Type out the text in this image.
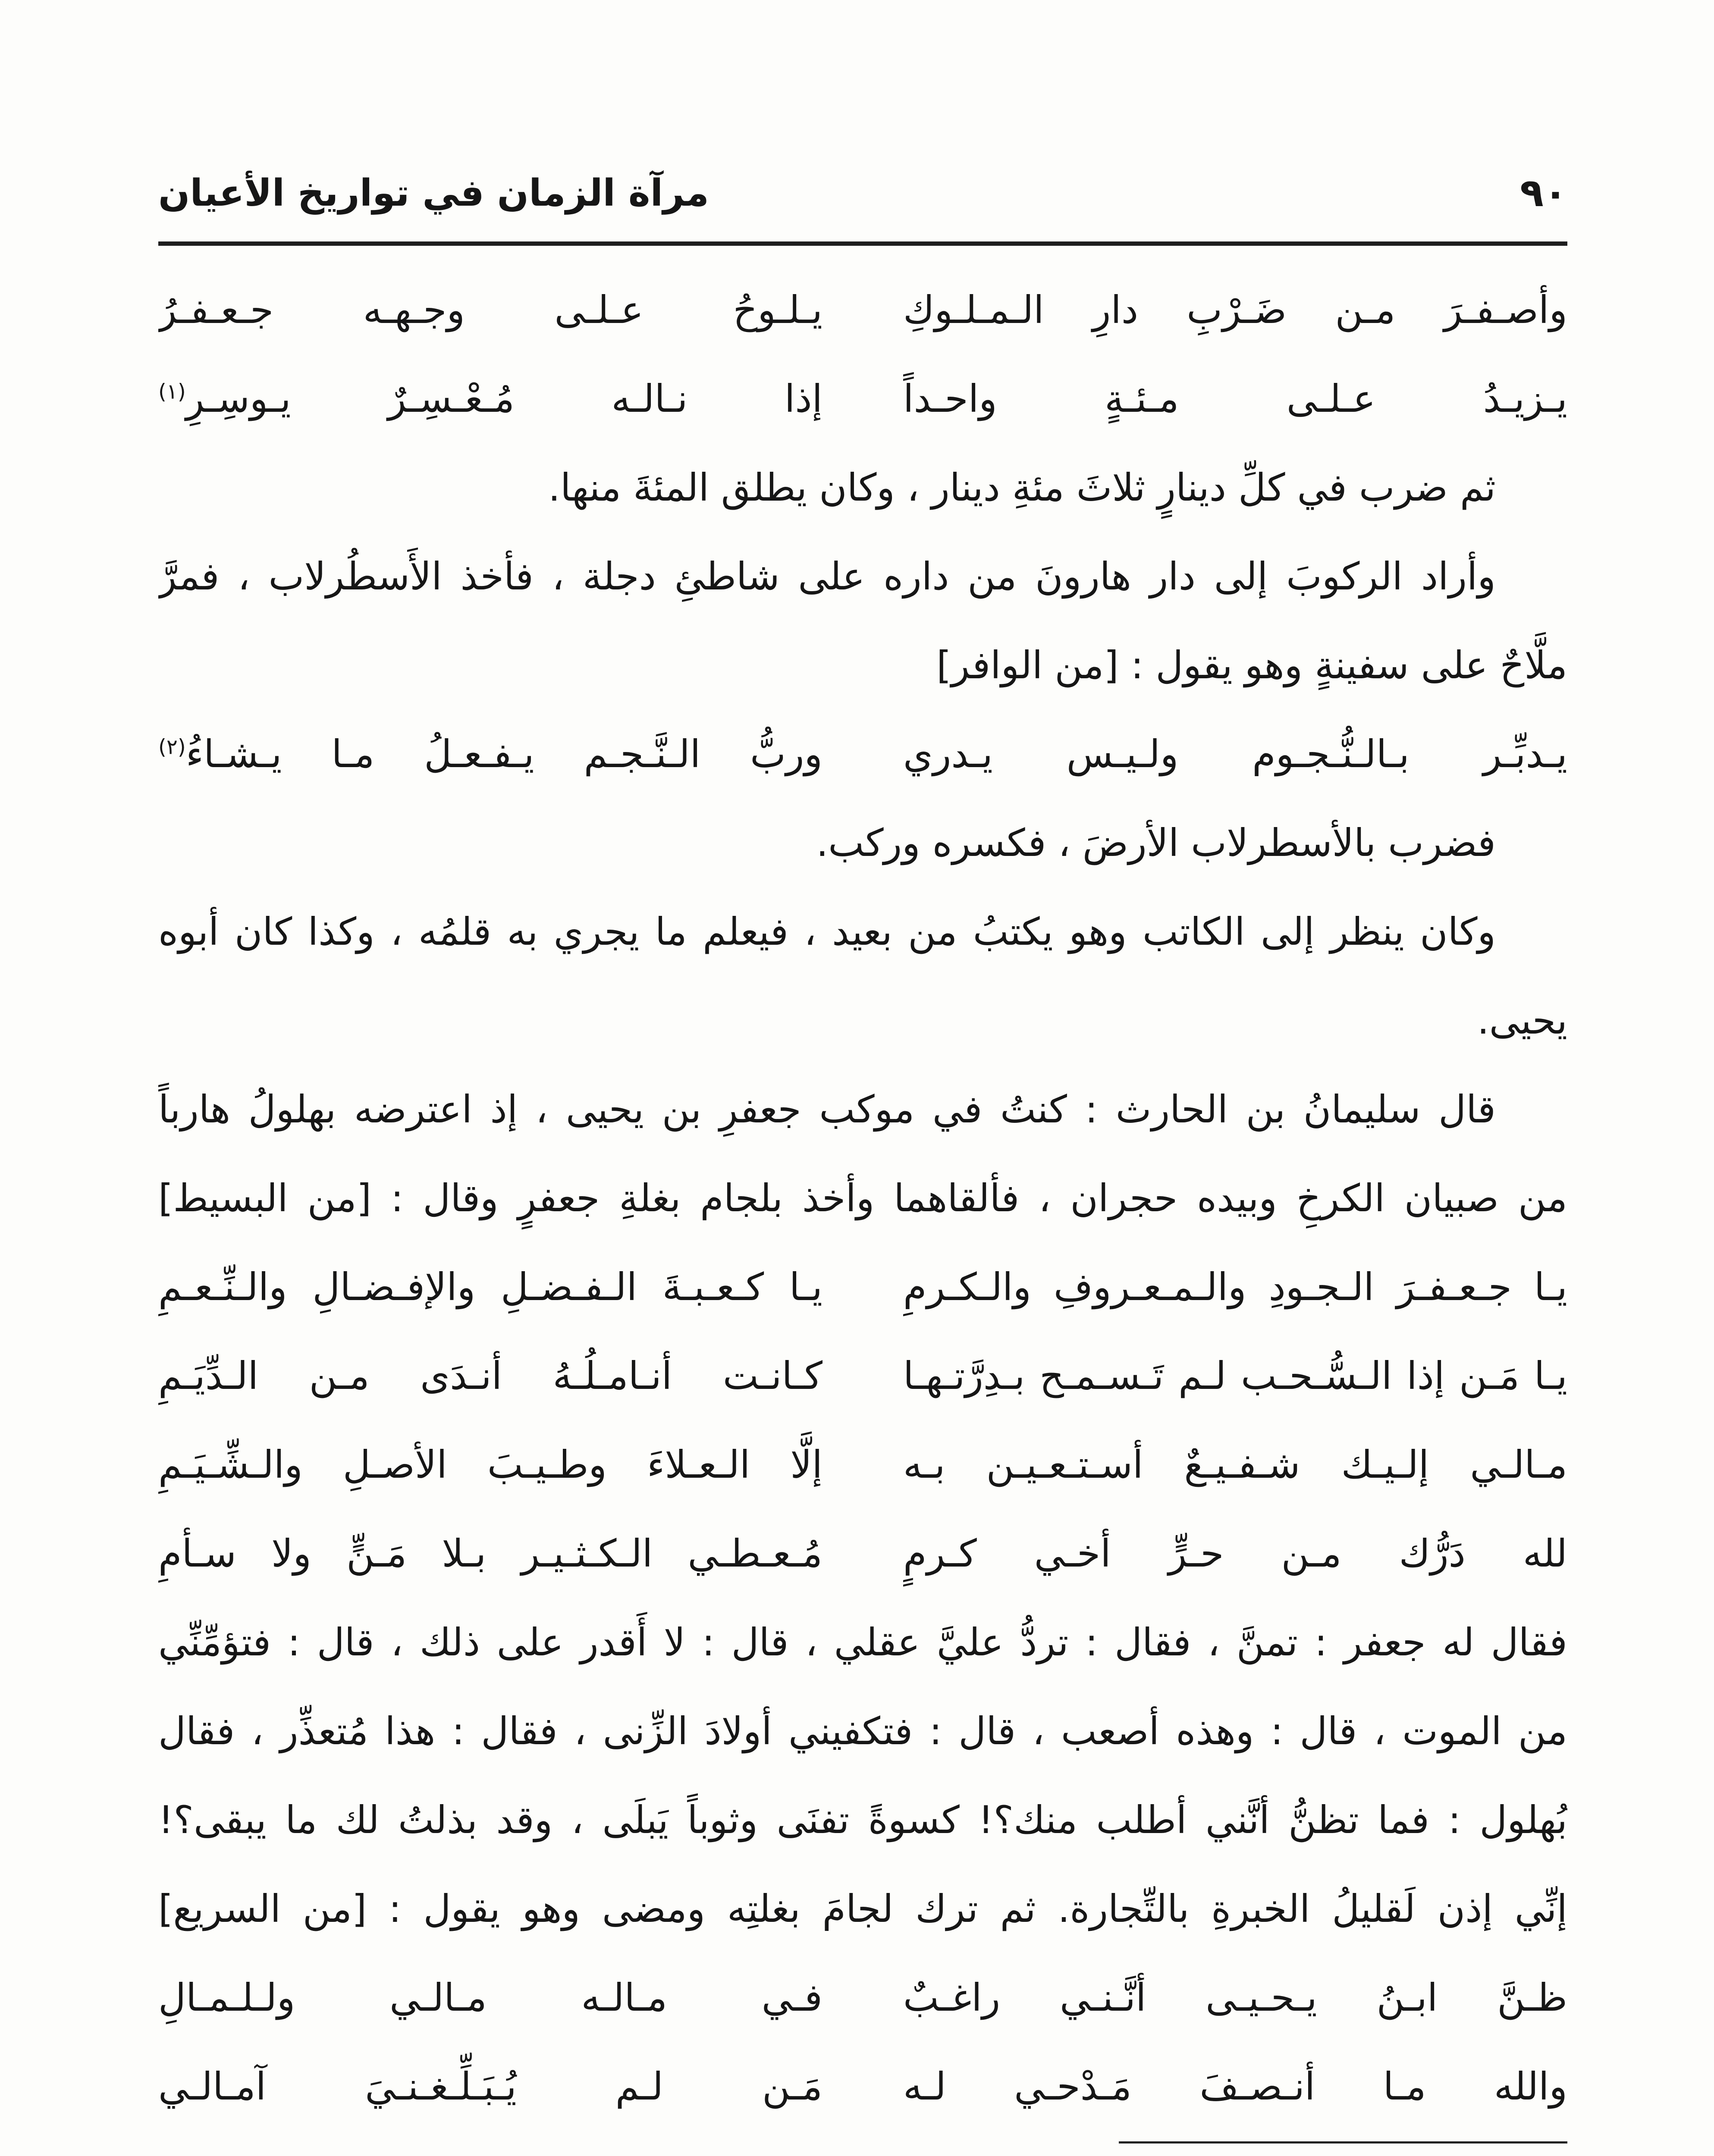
٩٠
مرآة الزمان في تواريخ الأعيان
وأصـفـرَ مـن ضَـرْبِ دارِ الـمـلـوكِ
يـلـوحُ عـلـى وجـهـه جـعـفـرُ
يـزيـدُ عـلـى مـئـةٍ واحـداً
إذا نـالـه مُـعْـسِـرٌ يـوسِـرِ$^{(١)}$
ثم ضرب في كلِّ دينارٍ ثلاثَ مئةِ دينار ، وكان يطلق المئةَ منها.
وأراد الركوبَ إلى دار هارونَ من داره على شاطئِ دجلة ، فأخذ الأَسطُرلاب ، فمرَّ
ملَّاحٌ على سفينةٍ وهو يقول : [من الوافر]
يـدبِّـر بـالـنُّـجـوم ولـيـس يـدري
وربُّ الـنَّـجـم يـفـعـلُ مـا يـشـاءُ$^{(٢)}$
فضرب بالأسطرلاب الأرضَ ، فكسره وركب.
وكان ينظر إلى الكاتب وهو يكتبُ من بعيد ، فيعلم ما يجري به قلمُه ، وكذا كان أبوه
يحيى.
قال سليمانُ بن الحارث : كنتُ في موكب جعفرِ بن يحيى ، إذ اعترضه بهلولُ هارباً
من صبيان الكرخِ وبيده حجران ، فألقاهما وأخذ بلجام بغلةِ جعفرٍ وقال : [من البسيط]
يـا جـعـفـرَ الـجـودِ والـمـعـروفِ والـكـرمِ
يـا كـعـبـةَ الـفـضـلِ والإفـضـالِ والـنِّـعـمِ
يـا مَـن إذا الـسُّـحـب لـم تَـسـمـح بـدِرَّتـهـا
كـانـت أنـامـلُـهُ أنـدَى مـن الـدِّيَـمِ
مـالـي إلـيـك شـفـيـعٌ أسـتـعـيـن بـه
إلَّا الـعـلاءَ وطـيـبَ الأصـلِ والـشِّـيَـمِ
لله دَرُّك مـن حـرٍّ أخـي كـرمٍ
مُـعـطـي الـكـثـيـر بـلا مَـنٍّ ولا سـأمِ
فقال له جعفر : تمنَّ ، فقال : تردُّ عليَّ عقلي ، قال : لا أَقدر على ذلك ، قال : فتؤمِّنِّي
من الموت ، قال : وهذه أصعب ، قال : فتكفيني أولادَ الزِّنى ، فقال : هذا مُتعذِّر ، فقال
بُهلول : فما تظنُّ أنَّني أطلب منك؟! كسوةً تفنَى وثوباً يَبلَى ، وقد بذلتُ لك ما يبقى؟!
إنِّي إذن لَقليلُ الخبرةِ بالتِّجارة. ثم ترك لجامَ بغلتِه ومضى وهو يقول : [من السريع]
ظـنَّ ابـنُ يـحـيـى أنَّـنـي راغـبٌ
فـي مـالـه مـالـي ولـلـمـالِ
والله مـا أنـصـفَ مَـدْحـي لـه
مَـن لـم يُـبَـلِّـغـنـيَ آمـالـي
